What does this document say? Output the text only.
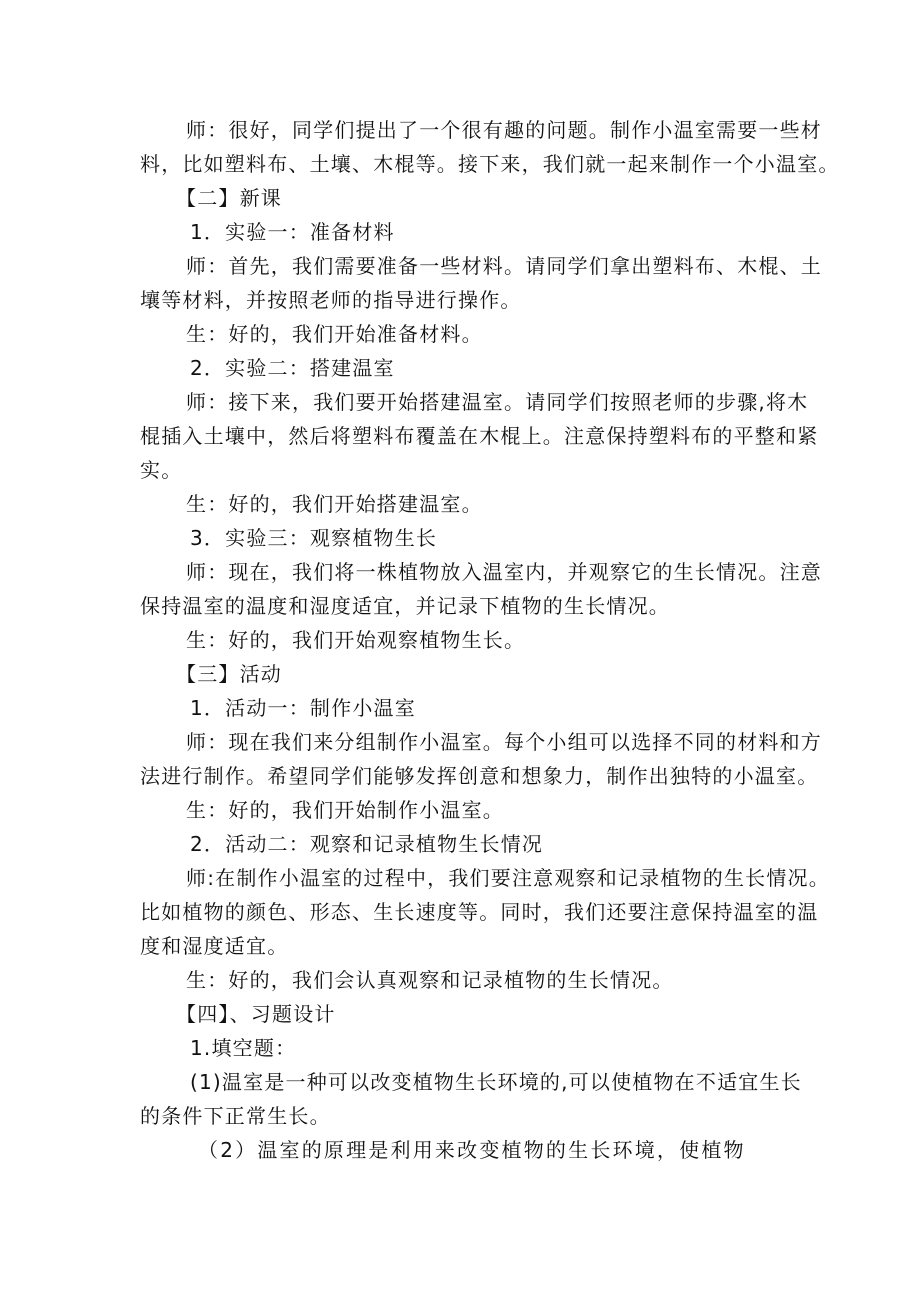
师：很好，同学们提出了一个很有趣的问题。制作小温室需要一些材
料，比如塑料布、土壤、木棍等。接下来，我们就一起来制作一个小温室。
【二】新课
1．实验一：准备材料
师：首先，我们需要准备一些材料。请同学们拿出塑料布、木棍、土
壤等材料，并按照老师的指导进行操作。
生：好的，我们开始准备材料。
2．实验二：搭建温室
师：接下来，我们要开始搭建温室。请同学们按照老师的步骤,将木
棍插入土壤中，然后将塑料布覆盖在木棍上。注意保持塑料布的平整和紧
实。
生：好的，我们开始搭建温室。
3．实验三：观察植物生长
师：现在，我们将一株植物放入温室内，并观察它的生长情况。注意
保持温室的温度和湿度适宜，并记录下植物的生长情况。
生：好的，我们开始观察植物生长。
【三】活动
1．活动一：制作小温室
师：现在我们来分组制作小温室。每个小组可以选择不同的材料和方
法进行制作。希望同学们能够发挥创意和想象力，制作出独特的小温室。
生：好的，我们开始制作小温室。
2．活动二：观察和记录植物生长情况
师:在制作小温室的过程中，我们要注意观察和记录植物的生长情况。
比如植物的颜色、形态、生长速度等。同时，我们还要注意保持温室的温
度和湿度适宜。
生：好的，我们会认真观察和记录植物的生长情况。
【四】、习题设计
1.填空题：
(1)温室是一种可以改变植物生长环境的,可以使植物在不适宜生长
的条件下正常生长。
（2）温室的原理是利用来改变植物的生长环境，使植物
